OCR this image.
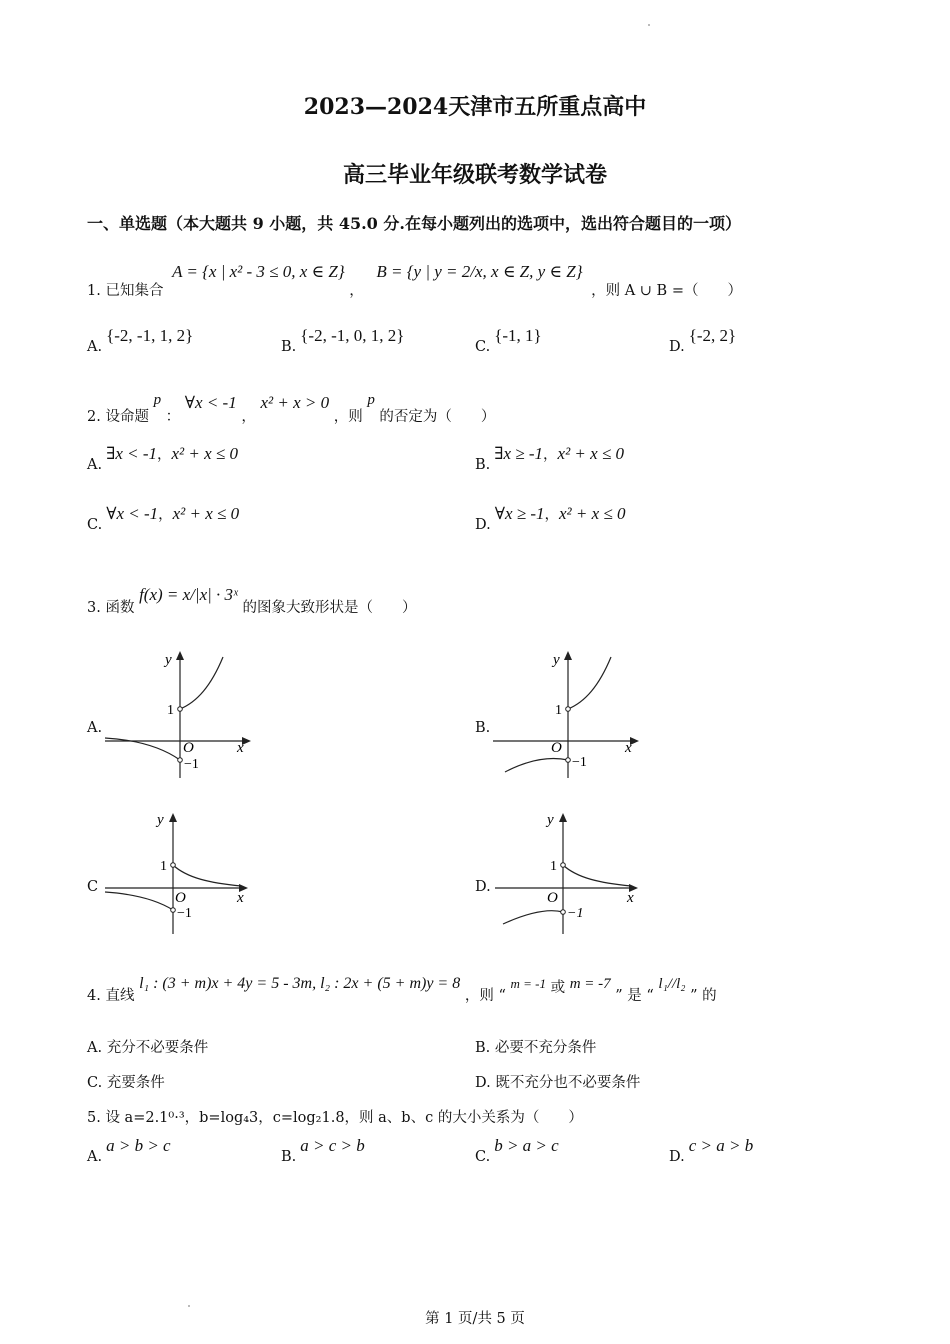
2023—2024天津市五所重点高中
高三毕业年级联考数学试卷
一、单选题（本大题共 9 小题，共 45.0 分.在每小题列出的选项中，选出符合题目的一项）
1. 已知集合 A = {x | x² - 3 ≤ 0, x ∈ Z} ， B = {y | y = 2/x, x ∈ Z, y ∈ Z} ，则 A ∪ B =（　　）
A.{-2, -1, 1, 2}
B.{-2, -1, 0, 1, 2}
C.{-1, 1}
D.{-2, 2}
2. 设命题 p ： ∀x < -1 ， x² + x > 0 ，则 p 的否定为（　　）
A.∃x < -1，x² + x ≤ 0
B.∃x ≥ -1，x² + x ≤ 0
C.∀x < -1，x² + x ≤ 0
D.∀x ≥ -1，x² + x ≤ 0
3. 函数 f(x) = x/|x| · 3ˣ 的图象大致形状是（　　）
A.	B.
C	D.
y
x
O
1
−1
y
x
O
1
−1
y
x
O
1
−1
y
x
O
1
−1
4. 直线 l₁ : (3 + m)x + 4y = 5 - 3m, l₂ : 2x + (5 + m)y = 8 ，则 “ m = -1 或 m = -7 ” 是 “ l₁//l₂ ” 的
A. 充分不必要条件	B. 必要不充分条件
C. 充要条件	D. 既不充分也不必要条件
5. 设 a=2.1⁰·³，b=log₄3，c=log₂1.8，则 a、b、c 的大小关系为（　　）
A.a > b > c
B.a > c > b
C.b > a > c
D.c > a > b
第 1 页/共 5 页
